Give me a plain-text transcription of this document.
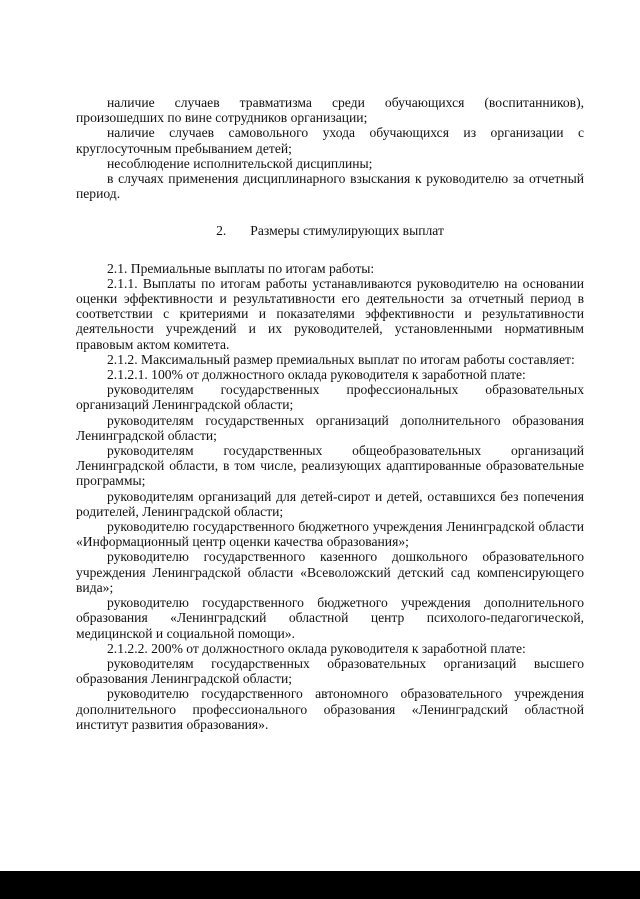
наличие случаев травматизма среди обучающихся (воспитанников), произошедших по вине сотрудников организации;

наличие случаев самовольного ухода обучающихся из организации с круглосуточным пребыванием детей;

несоблюдение исполнительской дисциплины;

в случаях применения дисциплинарного взыскания к руководителю за отчетный период.

2. Размеры стимулирующих выплат

2.1. Премиальные выплаты по итогам работы:

2.1.1. Выплаты по итогам работы устанавливаются руководителю на основании оценки эффективности и результативности его деятельности за отчетный период в соответствии с критериями и показателями эффективности и результативности деятельности учреждений и их руководителей, установленными нормативным правовым актом комитета.

2.1.2. Максимальный размер премиальных выплат по итогам работы составляет:

2.1.2.1. 100% от должностного оклада руководителя к заработной плате:

руководителям государственных профессиональных образовательных организаций Ленинградской области;

руководителям государственных организаций дополнительного образования Ленинградской области;

руководителям государственных общеобразовательных организаций Ленинградской области, в том числе, реализующих адаптированные образовательные программы;

руководителям организаций для детей-сирот и детей, оставшихся без попечения родителей, Ленинградской области;

руководителю государственного бюджетного учреждения Ленинградской области «Информационный центр оценки качества образования»;

руководителю государственного казенного дошкольного образовательного учреждения Ленинградской области «Всеволожский детский сад компенсирующего вида»;

руководителю государственного бюджетного учреждения дополнительного образования «Ленинградский областной центр психолого-педагогической, медицинской и социальной помощи».

2.1.2.2. 200% от должностного оклада руководителя к заработной плате:

руководителям государственных образовательных организаций высшего образования Ленинградской области;

руководителю государственного автономного образовательного учреждения дополнительного профессионального образования «Ленинградский областной институт развития образования».
